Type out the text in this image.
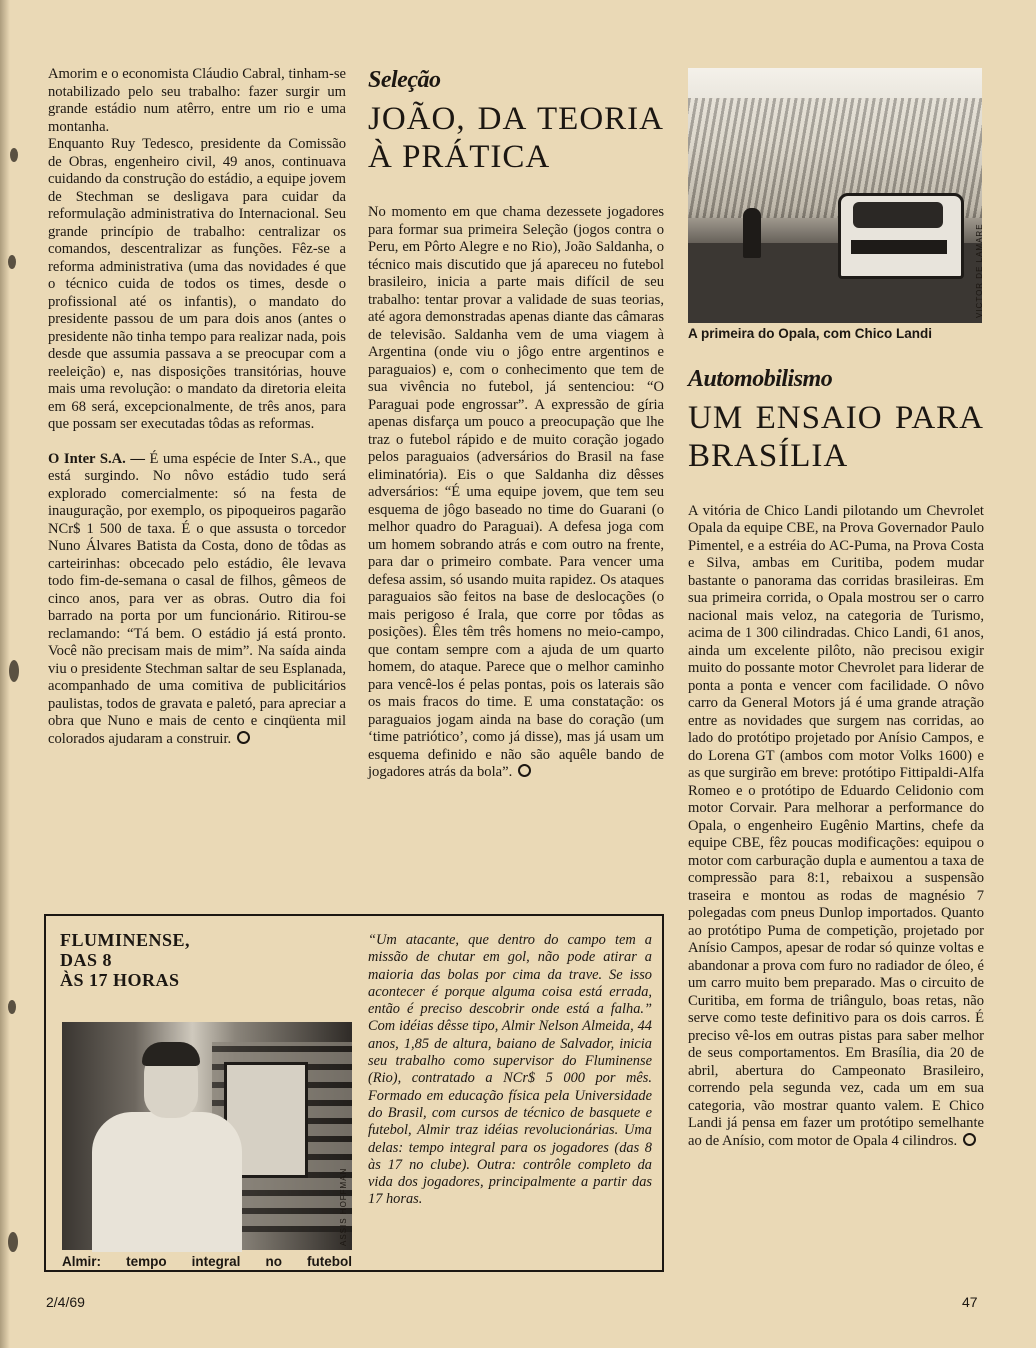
Amorim e o economista Cláudio Cabral, tinham-se notabilizado pelo seu trabalho: fazer surgir um grande estádio num atêrro, entre um rio e uma montanha.

Enquanto Ruy Tedesco, presidente da Comissão de Obras, engenheiro civil, 49 anos, continuava cuidando da construção do estádio, a equipe jovem de Stechman se desligava para cuidar da reformulação administrativa do Internacional. Seu grande princípio de trabalho: centralizar os comandos, descentralizar as funções. Fêz-se a reforma administrativa (uma das novidades é que o técnico cuida de todos os times, desde o profissional até os infantis), o mandato do presidente passou de um para dois anos (antes o presidente não tinha tempo para realizar nada, pois desde que assumia passava a se preocupar com a reeleição) e, nas disposições transitórias, houve mais uma revolução: o mandato da diretoria eleita em 68 será, excepcionalmente, de três anos, para que possam ser executadas tôdas as reformas.

O Inter S.A. — É uma espécie de Inter S.A., que está surgindo. No nôvo estádio tudo será explorado comercialmente: só na festa de inauguração, por exemplo, os pipoqueiros pagarão NCr$ 1 500 de taxa. É o que assusta o torcedor Nuno Álvares Batista da Costa, dono de tôdas as carteirinhas: obcecado pelo estádio, êle levava todo fim-de-semana o casal de filhos, gêmeos de cinco anos, para ver as obras. Outro dia foi barrado na porta por um funcionário. Ritirou-se reclamando: “Tá bem. O estádio já está pronto. Você não precisam mais de mim”. Na saída ainda viu o presidente Stechman saltar de seu Esplanada, acompanhado de uma comitiva de publicitários paulistas, todos de gravata e paletó, para apreciar a obra que Nuno e mais de cento e cinqüenta mil colorados ajudaram a construir.

Seleção
JOÃO, DA TEORIA À PRÁTICA

No momento em que chama dezessete jogadores para formar sua primeira Seleção (jogos contra o Peru, em Pôrto Alegre e no Rio), João Saldanha, o técnico mais discutido que já apareceu no futebol brasileiro, inicia a parte mais difícil de seu trabalho: tentar provar a validade de suas teorias, até agora demonstradas apenas diante das câmaras de televisão. Saldanha vem de uma viagem à Argentina (onde viu o jôgo entre argentinos e paraguaios) e, com o conhecimento que tem de sua vivência no futebol, já sentenciou: “O Paraguai pode engrossar”. A expressão de gíria apenas disfarça um pouco a preocupação que lhe traz o futebol rápido e de muito coração jogado pelos paraguaios (adversários do Brasil na fase eliminatória). Eis o que Saldanha diz dêsses adversários: “É uma equipe jovem, que tem seu esquema de jôgo baseado no time do Guarani (o melhor quadro do Paraguai). A defesa joga com um homem sobrando atrás e com outro na frente, para dar o primeiro combate. Para vencer uma defesa assim, só usando muita rapidez. Os ataques paraguaios são feitos na base de deslocações (o mais perigoso é Irala, que corre por tôdas as posições). Êles têm três homens no meio-campo, que contam sempre com a ajuda de um quarto homem, do ataque. Parece que o melhor caminho para vencê-los é pelas pontas, pois os laterais são os mais fracos do time. E uma constatação: os paraguaios jogam ainda na base do coração (um ‘time patriótico’, como já disse), mas já usam um esquema definido e não são aquêle bando de jogadores atrás da bola”.

VICTOR DE LAMARE
A primeira do Opala, com Chico Landi
Automobilismo
UM ENSAIO PARA BRASÍLIA

A vitória de Chico Landi pilotando um Chevrolet Opala da equipe CBE, na Prova Governador Paulo Pimentel, e a estréia do AC-Puma, na Prova Costa e Silva, ambas em Curitiba, podem mudar bastante o panorama das corridas brasileiras. Em sua primeira corrida, o Opala mostrou ser o carro nacional mais veloz, na categoria de Turismo, acima de 1 300 cilindradas. Chico Landi, 61 anos, ainda um excelente pilôto, não precisou exigir muito do possante motor Chevrolet para liderar de ponta a ponta e vencer com facilidade. O nôvo carro da General Motors já é uma grande atração entre as novidades que surgem nas corridas, ao lado do protótipo projetado por Anísio Campos, e do Lorena GT (ambos com motor Volks 1600) e as que surgirão em breve: protótipo Fittipaldi-Alfa Romeo e o protótipo de Eduardo Celidonio com motor Corvair. Para melhorar a performance do Opala, o engenheiro Eugênio Martins, chefe da equipe CBE, fêz poucas modificações: equipou o motor com carburação dupla e aumentou a taxa de compressão para 8:1, rebaixou a suspensão traseira e montou as rodas de magnésio 7 polegadas com pneus Dunlop importados. Quanto ao protótipo Puma de competição, projetado por Anísio Campos, apesar de rodar só quinze voltas e abandonar a prova com furo no radiador de óleo, é um carro muito bem preparado. Mas o circuito de Curitiba, em forma de triângulo, boas retas, não serve como teste definitivo para os dois carros. É preciso vê-los em outras pistas para saber melhor de seus comportamentos. Em Brasília, dia 20 de abril, abertura do Campeonato Brasileiro, correndo pela segunda vez, cada um em sua categoria, vão mostrar quanto valem. E Chico Landi já pensa em fazer um protótipo semelhante ao de Anísio, com motor de Opala 4 cilindros.

FLUMINENSE,
DAS 8
ÀS 17 HORAS
ASSIS HOFFMAN
Almir: tempo integral no futebol
“Um atacante, que dentro do campo tem a missão de chutar em gol, não pode atirar a maioria das bolas por cima da trave. Se isso acontecer é porque alguma coisa está errada, então é preciso descobrir onde está a falha.” Com idéias dêsse tipo, Almir Nelson Almeida, 44 anos, 1,85 de altura, baiano de Salvador, inicia seu trabalho como supervisor do Fluminense (Rio), contratado a NCr$ 5 000 por mês. Formado em educação física pela Universidade do Brasil, com cursos de técnico de basquete e futebol, Almir traz idéias revolucionárias. Uma delas: tempo integral para os jogadores (das 8 às 17 no clube). Outra: contrôle completo da vida dos jogadores, principalmente a partir das 17 horas.
2/4/69	47
